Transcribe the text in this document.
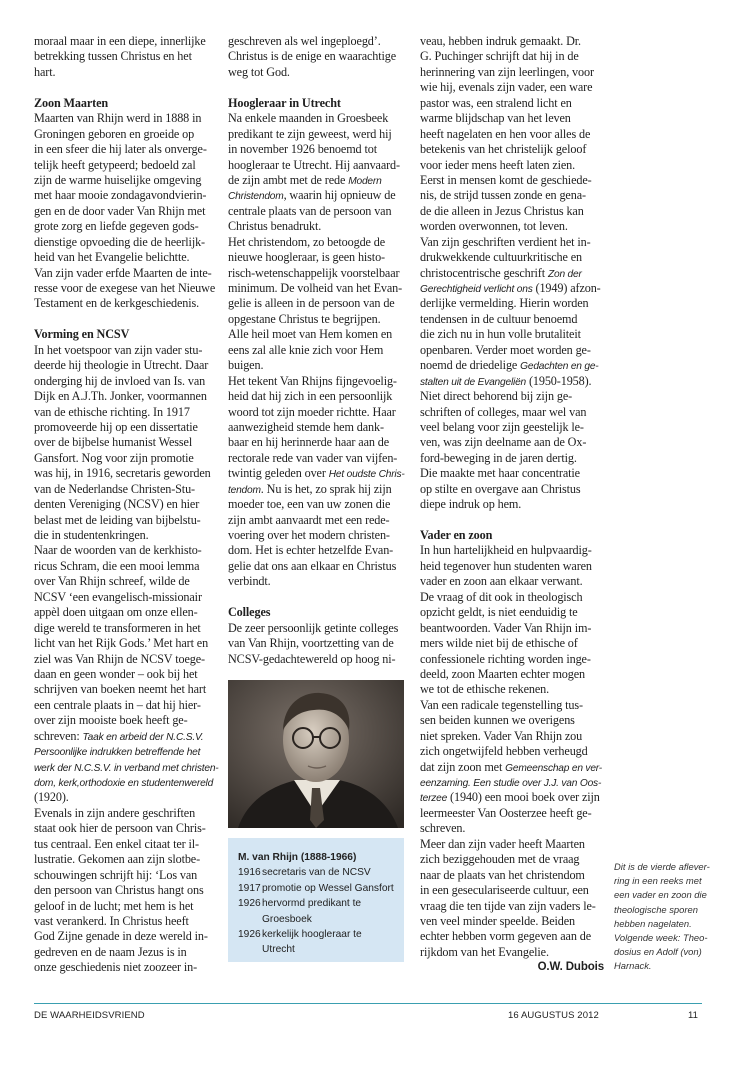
moraal maar in een diepe, innerlijke
betrekking tussen Christus en het
hart.
Zoon Maarten
Maarten van Rhijn werd in 1888 in
Groningen geboren en groeide op
in een sfeer die hij later als onverge-
telijk heeft getypeerd; bedoeld zal
zijn de warme huiselijke omgeving
met haar mooie zondagavondvierin-
gen en de door vader Van Rhijn met
grote zorg en liefde gegeven gods-
dienstige opvoeding die de heerlijk-
heid van het Evangelie belichtte.
Van zijn vader erfde Maarten de inte-
resse voor de exegese van het Nieuwe
Testament en de kerkgeschiedenis.
Vorming en NCSV
In het voetspoor van zijn vader stu-
deerde hij theologie in Utrecht. Daar
onderging hij de invloed van Is. van
Dijk en A.J.Th. Jonker, voormannen
van de ethische richting. In 1917
promoveerde hij op een dissertatie
over de bijbelse humanist Wessel
Gansfort. Nog voor zijn promotie
was hij, in 1916, secretaris geworden
van de Nederlandse Christen-Stu-
denten Vereniging (NCSV) en hier
belast met de leiding van bijbelstu-
die in studentenkringen.
Naar de woorden van de kerkhisto-
ricus Schram, die een mooi lemma
over Van Rhijn schreef, wilde de
NCSV ‘een evangelisch-missionair
appèl doen uitgaan om onze ellen-
dige wereld te transformeren in het
licht van het Rijk Gods.’ Met hart en
ziel was Van Rhijn de NCSV toege-
daan en geen wonder – ook bij het
schrijven van boeken neemt het hart
een centrale plaats in – dat hij hier-
over zijn mooiste boek heeft ge-
schreven: Taak en arbeid der N.C.S.V.
Persoonlijke indrukken betreffende het
werk der N.C.S.V. in verband met christen-
dom, kerk,orthodoxie en studentenwereld
(1920).
Evenals in zijn andere geschriften
staat ook hier de persoon van Chris-
tus centraal. Een enkel citaat ter il-
lustratie. Gekomen aan zijn slotbe-
schouwingen schrijft hij: ‘Los van
den persoon van Christus hangt ons
geloof in de lucht; met hem is het
vast verankerd. In Christus heeft
God Zijne genade in deze wereld in-
gedreven en de naam Jezus is in
onze geschiedenis niet zoozeer in-
geschreven als wel ingeploegd’.
Christus is de enige en waarachtige
weg tot God.
Hoogleraar in Utrecht
Na enkele maanden in Groesbeek
predikant te zijn geweest, werd hij
in november 1926 benoemd tot
hoogleraar te Utrecht. Hij aanvaard-
de zijn ambt met de rede Modern
Christendom, waarin hij opnieuw de
centrale plaats van de persoon van
Christus benadrukt.
Het christendom, zo betoogde de
nieuwe hoogleraar, is geen histo-
risch-wetenschappelijk voorstelbaar
minimum. De volheid van het Evan-
gelie is alleen in de persoon van de
opgestane Christus te begrijpen.
Alle heil moet van Hem komen en
eens zal alle knie zich voor Hem
buigen.
Het tekent Van Rhijns fijngevoelig-
heid dat hij zich in een persoonlijk
woord tot zijn moeder richtte. Haar
aanwezigheid stemde hem dank-
baar en hij herinnerde haar aan de
rectorale rede van vader van vijfen-
twintig geleden over Het oudste Chris-
tendom. Nu is het, zo sprak hij zijn
moeder toe, een van uw zonen die
zijn ambt aanvaardt met een rede-
voering over het modern christen-
dom. Het is echter hetzelfde Evan-
gelie dat ons aan elkaar en Christus
verbindt.
Colleges
De zeer persoonlijk getinte colleges
van Van Rhijn, voortzetting van de
NCSV-gedachtewereld op hoog ni-
veau, hebben indruk gemaakt. Dr.
G. Puchinger schrijft dat hij in de
herinnering van zijn leerlingen, voor
wie hij, evenals zijn vader, een ware
pastor was, een stralend licht en
warme blijdschap van het leven
heeft nagelaten en hen voor alles de
betekenis van het christelijk geloof
voor ieder mens heeft laten zien.
Eerst in mensen komt de geschiede-
nis, de strijd tussen zonde en gena-
de die alleen in Jezus Christus kan
worden overwonnen, tot leven.
Van zijn geschriften verdient het in-
drukwekkende cultuurkritische en
christocentrische geschrift Zon der
Gerechtigheid verlicht ons (1949) afzon-
derlijke vermelding. Hierin worden
tendensen in de cultuur benoemd
die zich nu in hun volle brutaliteit
openbaren. Verder moet worden ge-
noemd de driedelige Gedachten en ge-
stalten uit de Evangeliën (1950-1958).
Niet direct behorend bij zijn ge-
schriften of colleges, maar wel van
veel belang voor zijn geestelijk le-
ven, was zijn deelname aan de Ox-
ford-beweging in de jaren dertig.
Die maakte met haar concentratie
op stilte en overgave aan Christus
diepe indruk op hem.
Vader en zoon
In hun hartelijkheid en hulpvaardig-
heid tegenover hun studenten waren
vader en zoon aan elkaar verwant.
De vraag of dit ook in theologisch
opzicht geldt, is niet eenduidig te
beantwoorden. Vader Van Rhijn im-
mers wilde niet bij de ethische of
confessionele richting worden inge-
deeld, zoon Maarten echter mogen
we tot de ethische rekenen.
Van een radicale tegenstelling tus-
sen beiden kunnen we overigens
niet spreken. Vader Van Rhijn zou
zich ongetwijfeld hebben verheugd
dat zijn zoon met Gemeenschap en ver-
eenzaming. Een studie over J.J. van Oos-
terzee (1940) een mooi boek over zijn
leermeester Van Oosterzee heeft ge-
schreven.
Meer dan zijn vader heeft Maarten
zich beziggehouden met de vraag
naar de plaats van het christendom
in een geseculariseerde cultuur, een
vraag die ten tijde van zijn vaders le-
ven veel minder speelde. Beiden
echter hebben vorm gegeven aan de
rijkdom van het Evangelie.
O.W. Dubois
M. van Rhijn (1888-1966)
1916 secretaris van de NCSV
1917 promotie op Wessel Gansfort
1926 hervormd predikant te
Groesboek
1926 kerkelijk hoogleraar te
Utrecht
Dit is de vierde aflever-
ring in een reeks met
een vader en zoon die
theologische sporen
hebben nagelaten.
Volgende week: Theo-
dosius en Adolf (von)
Harnack.
DE WAARHEIDSVRIEND	16 AUGUSTUS 2012	11
